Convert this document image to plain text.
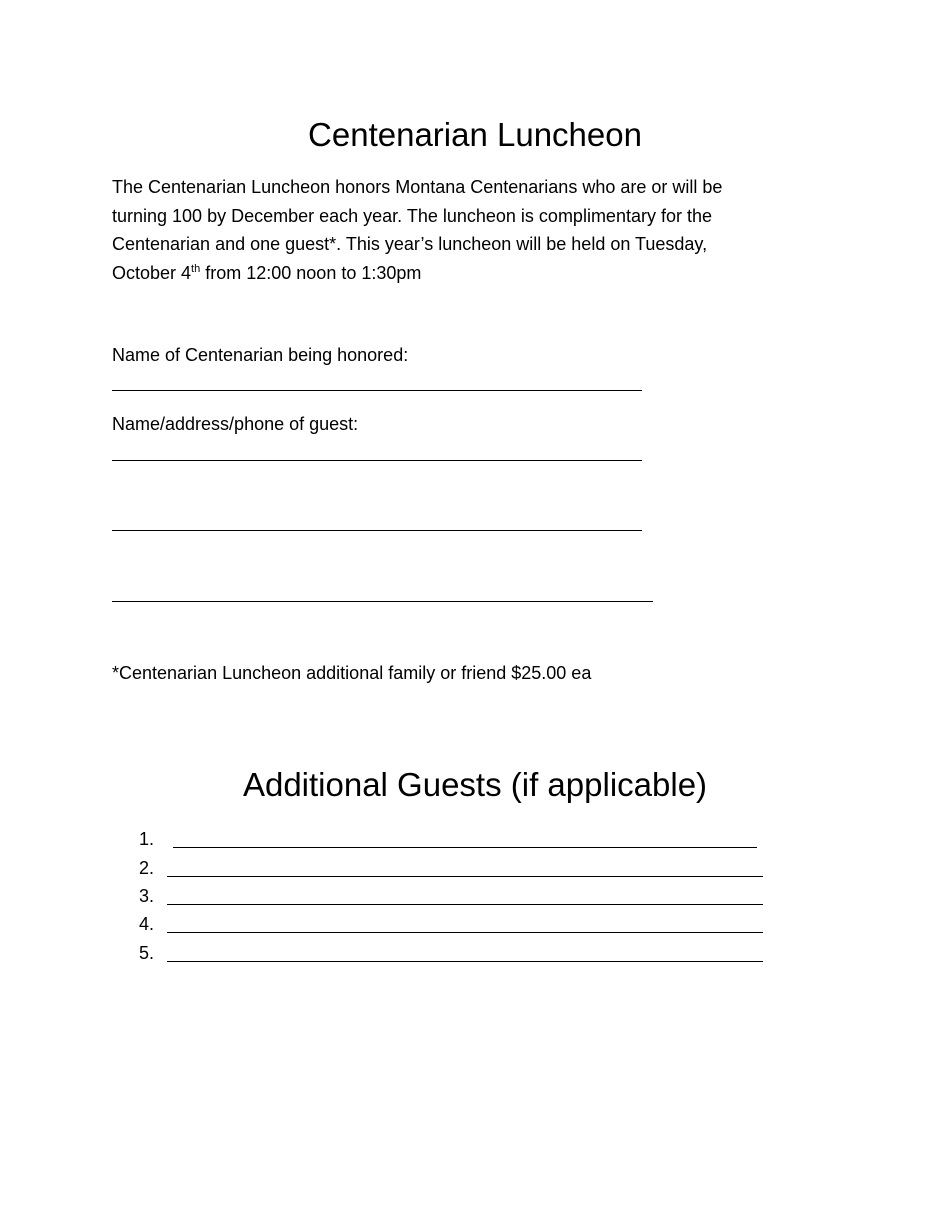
Centenarian Luncheon

The Centenarian Luncheon honors Montana Centenarians who are or will be
turning 100 by December each year. The luncheon is complimentary for the
Centenarian and one guest*. This year’s luncheon will be held on Tuesday,
October 4th from 12:00 noon to 1:30pm

Name of Centenarian being honored:

Name/address/phone of guest:

*Centenarian Luncheon additional family or friend $25.00 ea

Additional Guests (if applicable)
1.
2.
3.
4.
5.
